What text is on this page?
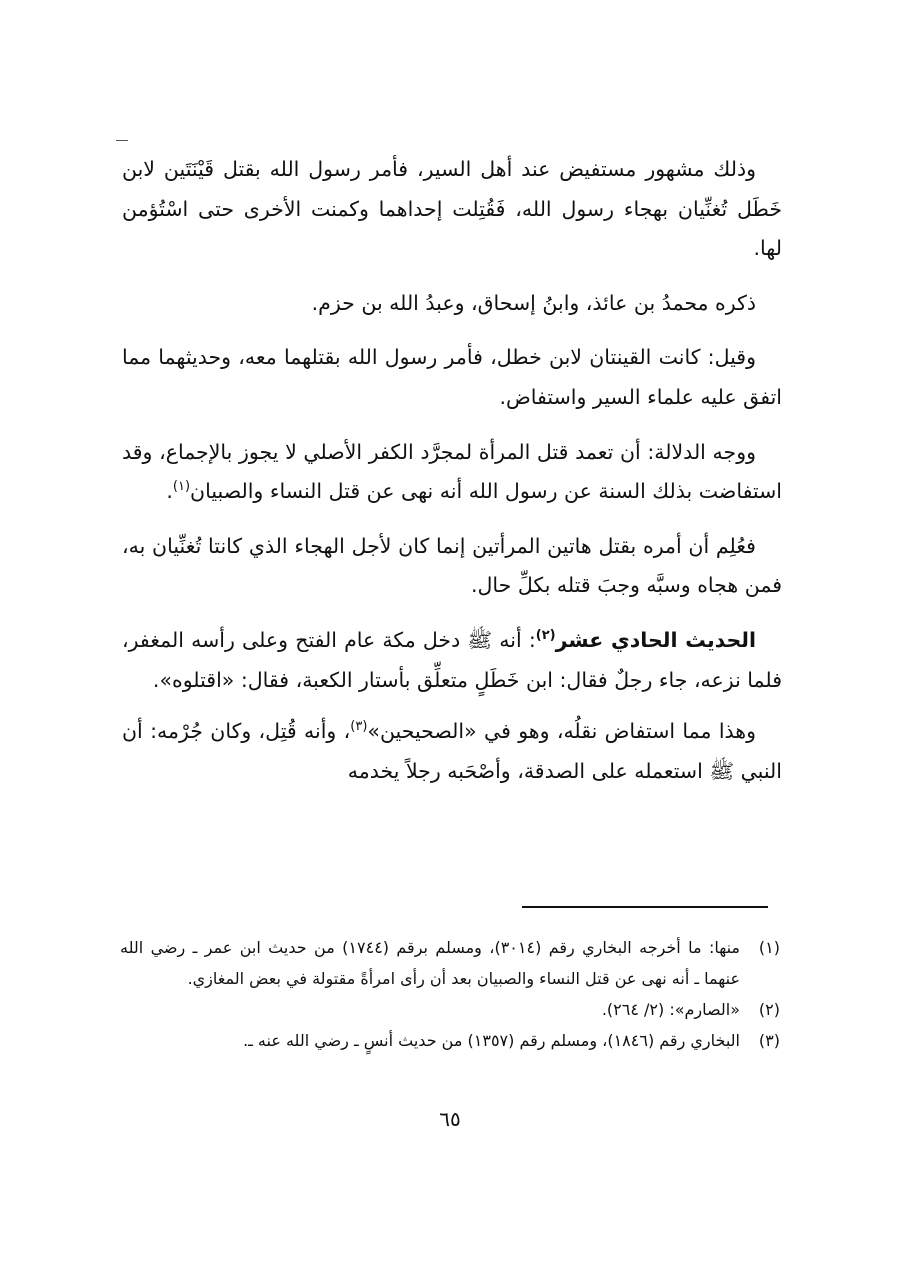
وذلك مشهور مستفيض عند أهل السير، فأمر رسول الله بقتل قَيْنَتَين لابن خَطَل تُغنِّيان بهجاء رسول الله، فَقُتِلت إحداهما وكمنت الأخرى حتى اسْتُؤمن لها.

ذكره محمدُ بن عائذ، وابنُ إسحاق، وعبدُ الله بن حزم.

وقيل: كانت القينتان لابن خطل، فأمر رسول الله بقتلهما معه، وحديثهما مما اتفق عليه علماء السير واستفاض.

ووجه الدلالة: أن تعمد قتل المرأة لمجرَّد الكفر الأصلي لا يجوز بالإجماع، وقد استفاضت بذلك السنة عن رسول الله أنه نهى عن قتل النساء والصبيان$^{(١)}$.

فعُلِم أن أمره بقتل هاتين المرأتين إنما كان لأجل الهجاء الذي كانتا تُغنِّيان به، فمن هجاه وسبَّه وجبَ قتله بكلِّ حال.

الحديث الحادي عشر$^{(٢)}$: أنه ﷺ دخل مكة عام الفتح وعلى رأسه المغفر، فلما نزعه، جاء رجلٌ فقال: ابن خَطَلٍ متعلِّق بأستار الكعبة، فقال: «اقتلوه».

وهذا مما استفاض نقلُه، وهو في «الصحيحين»$^{(٣)}$، وأنه قُتِل، وكان جُرْمه: أن النبي ﷺ استعمله على الصدقة، وأصْحَبه رجلاً يخدمه

(١)
منها: ما أخرجه البخاري رقم (٣٠١٤)، ومسلم برقم (١٧٤٤) من حديث ابن عمر ـ رضي الله عنهما ـ أنه نهى عن قتل النساء والصبيان بعد أن رأى امرأةً مقتولة في بعض المغازي.
(٢)
«الصارم»: (٢/ ٢٦٤).
(٣)
البخاري رقم (١٨٤٦)، ومسلم رقم (١٣٥٧) من حديث أنسٍ ـ رضي الله عنه ـ.
٦٥
